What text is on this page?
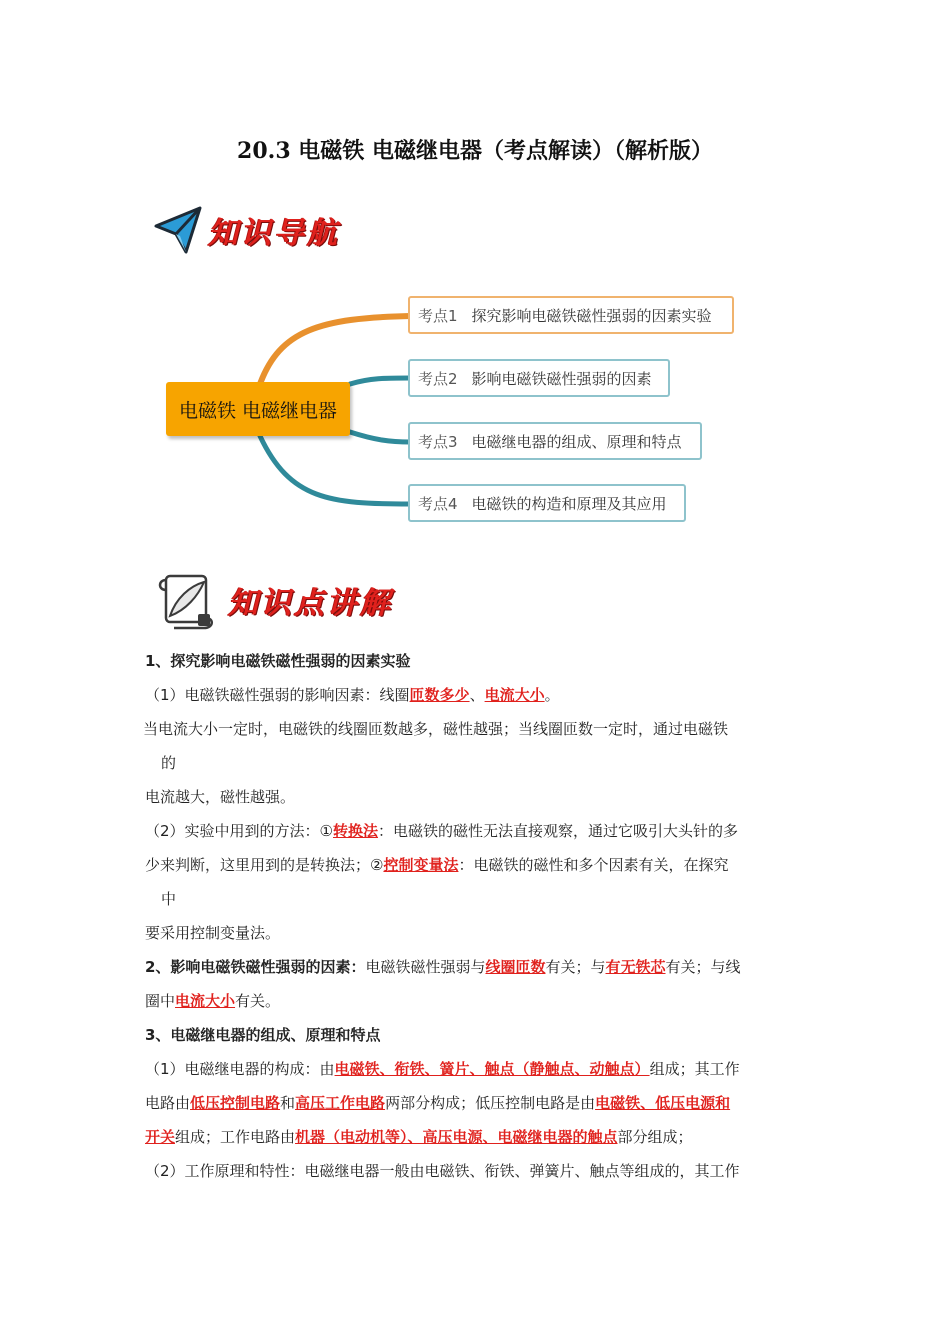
20.3 电磁铁 电磁继电器（考点解读）（解析版）
知识导航
电磁铁 电磁继电器
考点1 探究影响电磁铁磁性强弱的因素实验
考点2 影响电磁铁磁性强弱的因素
考点3 电磁继电器的组成、原理和特点
考点4 电磁铁的构造和原理及其应用
知识点讲解
1、探究影响电磁铁磁性强弱的因素实验
（1）电磁铁磁性强弱的影响因素：线圈匝数多少、电流大小。
当电流大小一定时，电磁铁的线圈匝数越多，磁性越强；当线圈匝数一定时，通过电磁铁
的
电流越大，磁性越强。
（2）实验中用到的方法：①转换法：电磁铁的磁性无法直接观察，通过它吸引大头针的多
少来判断，这里用到的是转换法；②控制变量法：电磁铁的磁性和多个因素有关，在探究
中
要采用控制变量法。
2、影响电磁铁磁性强弱的因素：电磁铁磁性强弱与线圈匝数有关；与有无铁芯有关；与线
圈中电流大小有关。
3、电磁继电器的组成、原理和特点
（1）电磁继电器的构成：由电磁铁、衔铁、簧片、触点（静触点、动触点）组成；其工作
电路由低压控制电路和高压工作电路两部分构成；低压控制电路是由电磁铁、低压电源和
开关组成；工作电路由机器（电动机等）、高压电源、电磁继电器的触点部分组成；
（2）工作原理和特性：电磁继电器一般由电磁铁、衔铁、弹簧片、触点等组成的，其工作
